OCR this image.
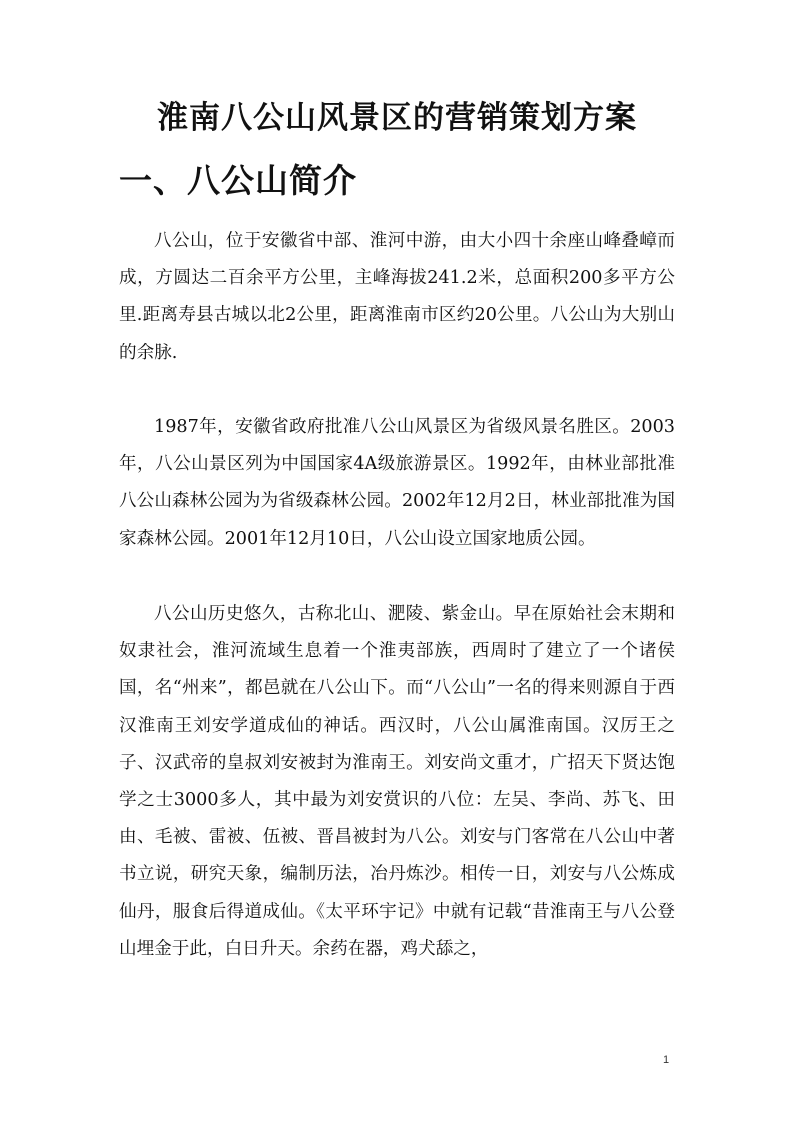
淮南八公山风景区的营销策划方案
一、八公山简介

八公山，位于安徽省中部、淮河中游，由大小四十余座山峰叠嶂而成，方圆达二百余平方公里，主峰海拔241.2米，总面积200多平方公里.距离寿县古城以北2公里，距离淮南市区约20公里。八公山为大别山的余脉.

1987年，安徽省政府批准八公山风景区为省级风景名胜区。2003年，八公山景区列为中国国家4A级旅游景区。1992年，由林业部批准八公山森林公园为为省级森林公园。2002年12月2日，林业部批准为国家森林公园。2001年12月10日，八公山设立国家地质公园。

八公山历史悠久，古称北山、淝陵、紫金山。早在原始社会末期和奴隶社会，淮河流域生息着一个淮夷部族，西周时了建立了一个诸侯国，名“州来”，都邑就在八公山下。而“八公山”一名的得来则源自于西汉淮南王刘安学道成仙的神话。西汉时，八公山属淮南国。汉厉王之子、汉武帝的皇叔刘安被封为淮南王。刘安尚文重才，广招天下贤达饱学之士3000多人，其中最为刘安赏识的八位：左吴、李尚、苏飞、田由、毛被、雷被、伍被、晋昌被封为八公。刘安与门客常在八公山中著书立说，研究天象，编制历法，冶丹炼沙。相传一日，刘安与八公炼成仙丹，服食后得道成仙。《太平环宇记》中就有记载“昔淮南王与八公登山埋金于此，白日升天。余药在器，鸡犬舔之，

1
